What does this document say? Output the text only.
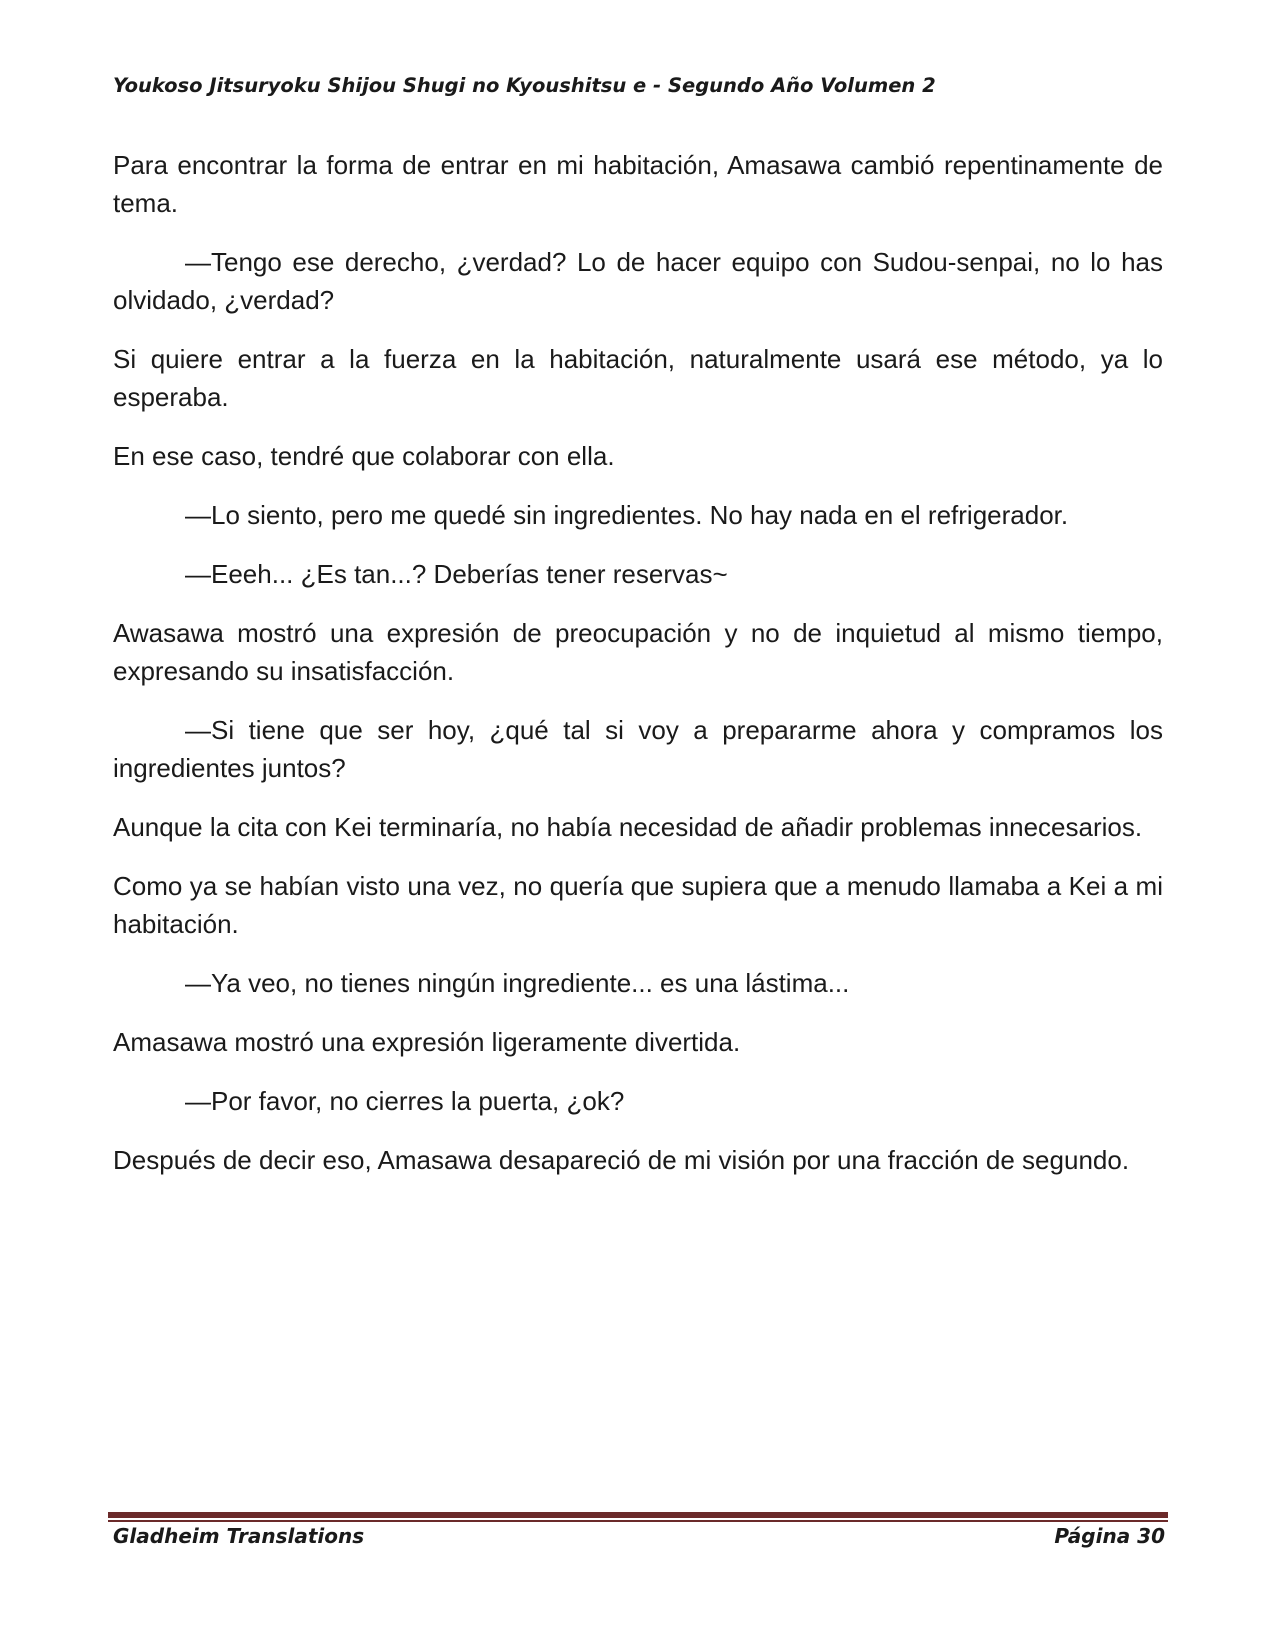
Youkoso Jitsuryoku Shijou Shugi no Kyoushitsu e - Segundo Año Volumen 2

Para encontrar la forma de entrar en mi habitación, Amasawa cambió repentinamente de tema.

—Tengo ese derecho, ¿verdad? Lo de hacer equipo con Sudou-senpai, no lo has olvidado, ¿verdad?

Si quiere entrar a la fuerza en la habitación, naturalmente usará ese método, ya lo esperaba.

En ese caso, tendré que colaborar con ella.

—Lo siento, pero me quedé sin ingredientes. No hay nada en el refrigerador.

—Eeeh... ¿Es tan...? Deberías tener reservas~

Awasawa mostró una expresión de preocupación y no de inquietud al mismo tiempo, expresando su insatisfacción.

—Si tiene que ser hoy, ¿qué tal si voy a prepararme ahora y compramos los ingredientes juntos?

Aunque la cita con Kei terminaría, no había necesidad de añadir problemas innecesarios.

Como ya se habían visto una vez, no quería que supiera que a menudo llamaba a Kei a mi habitación.

—Ya veo, no tienes ningún ingrediente... es una lástima...

Amasawa mostró una expresión ligeramente divertida.

—Por favor, no cierres la puerta, ¿ok?

Después de decir eso, Amasawa desapareció de mi visión por una fracción de segundo.

Gladheim Translations	Página 30
